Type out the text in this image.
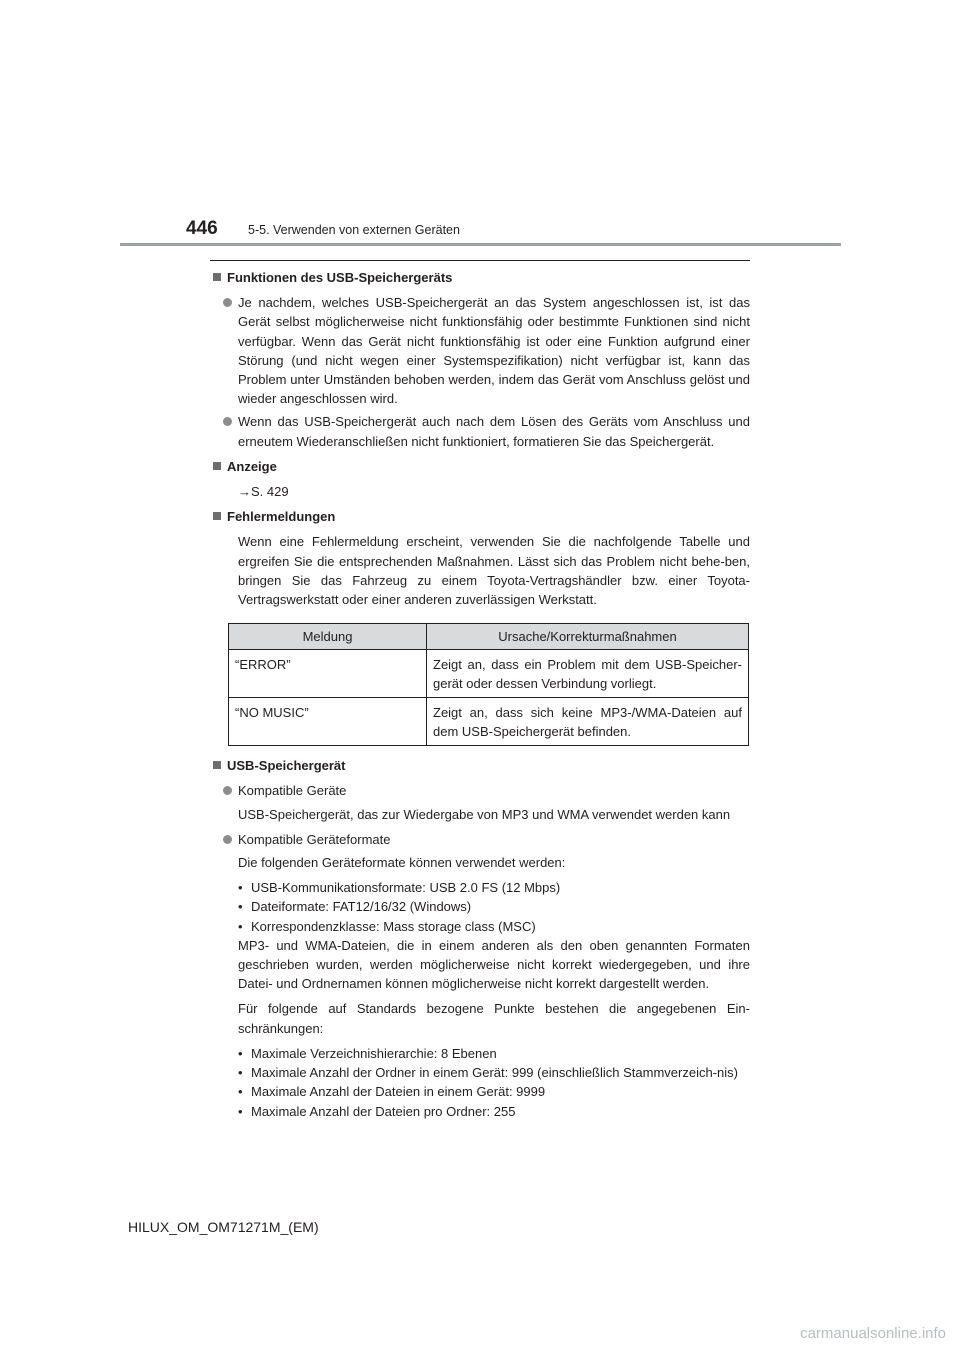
446 5-5. Verwenden von externen Geräten
Funktionen des USB-Speichergeräts
Je nachdem, welches USB-Speichergerät an das System angeschlossen ist, ist das Gerät selbst möglicherweise nicht funktionsfähig oder bestimmte Funktionen sind nicht verfügbar. Wenn das Gerät nicht funktionsfähig ist oder eine Funktion aufgrund einer Störung (und nicht wegen einer Systemspezifikation) nicht verfügbar ist, kann das Problem unter Umständen behoben werden, indem das Gerät vom Anschluss gelöst und wieder angeschlossen wird.
Wenn das USB-Speichergerät auch nach dem Lösen des Geräts vom Anschluss und erneutem Wiederanschließen nicht funktioniert, formatieren Sie das Speichergerät.
Anzeige
→S. 429
Fehlermeldungen
Wenn eine Fehlermeldung erscheint, verwenden Sie die nachfolgende Tabelle und ergreifen Sie die entsprechenden Maßnahmen. Lässt sich das Problem nicht behe-ben, bringen Sie das Fahrzeug zu einem Toyota-Vertragshändler bzw. einer Toyota-Vertragswerkstatt oder einer anderen zuverlässigen Werkstatt.
Meldung	Ursache/Korrekturmaßnahmen
“ERROR”	Zeigt an, dass ein Problem mit dem USB-Speicher-gerät oder dessen Verbindung vorliegt.
“NO MUSIC”	Zeigt an, dass sich keine MP3-/WMA-Dateien auf dem USB-Speichergerät befinden.
USB-Speichergerät
Kompatible Geräte
USB-Speichergerät, das zur Wiedergabe von MP3 und WMA verwendet werden kann
Kompatible Geräteformate
Die folgenden Geräteformate können verwendet werden:
• USB-Kommunikationsformate: USB 2.0 FS (12 Mbps)
• Dateiformate: FAT12/16/32 (Windows)
• Korrespondenzklasse: Mass storage class (MSC)
MP3- und WMA-Dateien, die in einem anderen als den oben genannten Formaten geschrieben wurden, werden möglicherweise nicht korrekt wiedergegeben, und ihre Datei- und Ordnernamen können möglicherweise nicht korrekt dargestellt werden.
Für folgende auf Standards bezogene Punkte bestehen die angegebenen Ein-schränkungen:
• Maximale Verzeichnishierarchie: 8 Ebenen
• Maximale Anzahl der Ordner in einem Gerät: 999 (einschließlich Stammverzeich-nis)
• Maximale Anzahl der Dateien in einem Gerät: 9999
• Maximale Anzahl der Dateien pro Ordner: 255
HILUX_OM_OM71271M_(EM)
carmanualsonline.info
